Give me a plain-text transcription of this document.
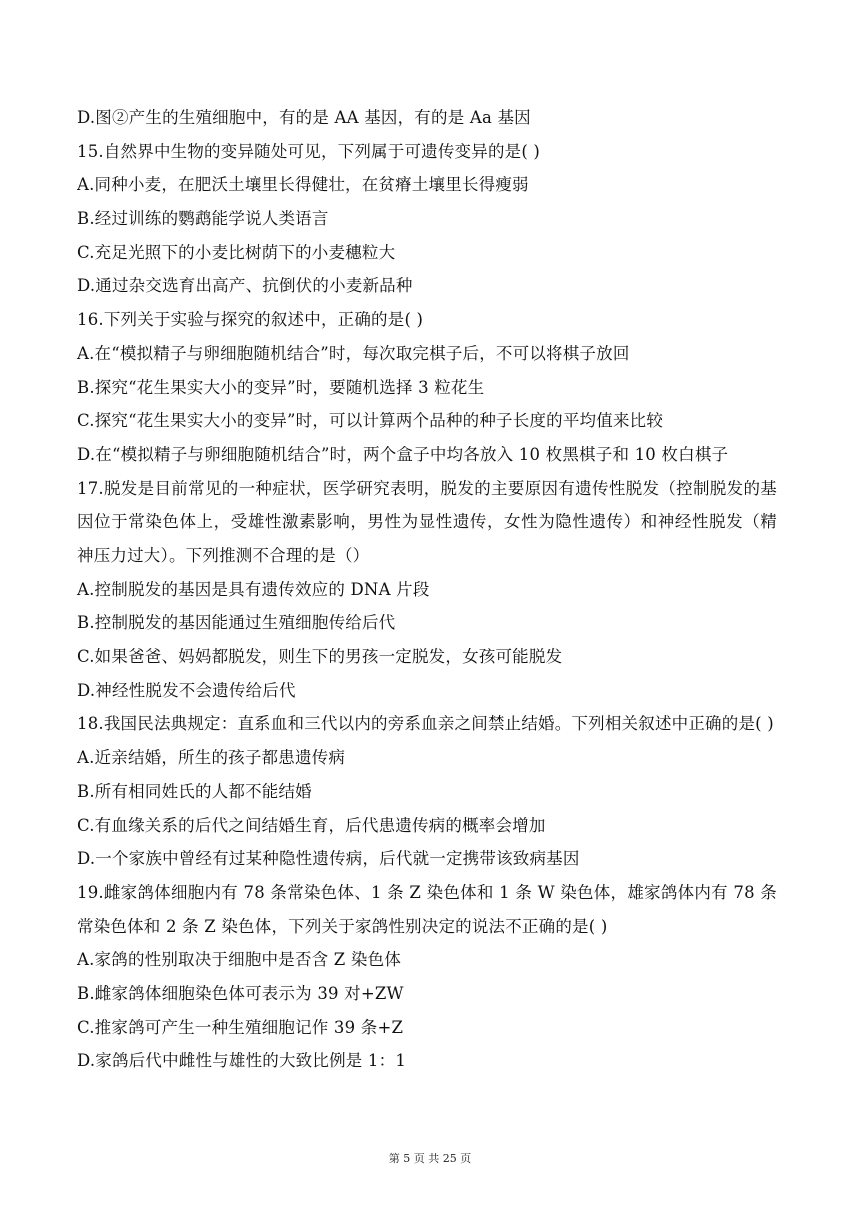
D.图②产生的生殖细胞中，有的是 AA 基因，有的是 Aa 基因
15.自然界中生物的变异随处可见，下列属于可遗传变异的是( )
A.同种小麦，在肥沃土壤里长得健壮，在贫瘠土壤里长得瘦弱
B.经过训练的鹦鹉能学说人类语言
C.充足光照下的小麦比树荫下的小麦穗粒大
D.通过杂交选育出高产、抗倒伏的小麦新品种
16.下列关于实验与探究的叙述中，正确的是( )
A.在“模拟精子与卵细胞随机结合”时，每次取完棋子后，不可以将棋子放回
B.探究“花生果实大小的变异”时，要随机选择 3 粒花生
C.探究“花生果实大小的变异”时，可以计算两个品种的种子长度的平均值来比较
D.在“模拟精子与卵细胞随机结合”时，两个盒子中均各放入 10 枚黑棋子和 10 枚白棋子
17.脱发是目前常见的一种症状，医学研究表明，脱发的主要原因有遗传性脱发（控制脱发的基因位于常染色体上，受雄性激素影响，男性为显性遗传，女性为隐性遗传）和神经性脱发（精神压力过大）。下列推测不合理的是（）
A.控制脱发的基因是具有遗传效应的 DNA 片段
B.控制脱发的基因能通过生殖细胞传给后代
C.如果爸爸、妈妈都脱发，则生下的男孩一定脱发，女孩可能脱发
D.神经性脱发不会遗传给后代
18.我国民法典规定：直系血和三代以内的旁系血亲之间禁止结婚。下列相关叙述中正确的是( )
A.近亲结婚，所生的孩子都患遗传病
B.所有相同姓氏的人都不能结婚
C.有血缘关系的后代之间结婚生育，后代患遗传病的概率会增加
D.一个家族中曾经有过某种隐性遗传病，后代就一定携带该致病基因
19.雌家鸽体细胞内有 78 条常染色体、1 条 Z 染色体和 1 条 W 染色体，雄家鸽体内有 78 条常染色体和 2 条 Z 染色体，下列关于家鸽性别决定的说法不正确的是( )
A.家鸽的性别取决于细胞中是否含 Z 染色体
B.雌家鸽体细胞染色体可表示为 39 对+ZW
C.推家鸽可产生一种生殖细胞记作 39 条+Z
D.家鸽后代中雌性与雄性的大致比例是 1：1
第 5 页 共 25 页
